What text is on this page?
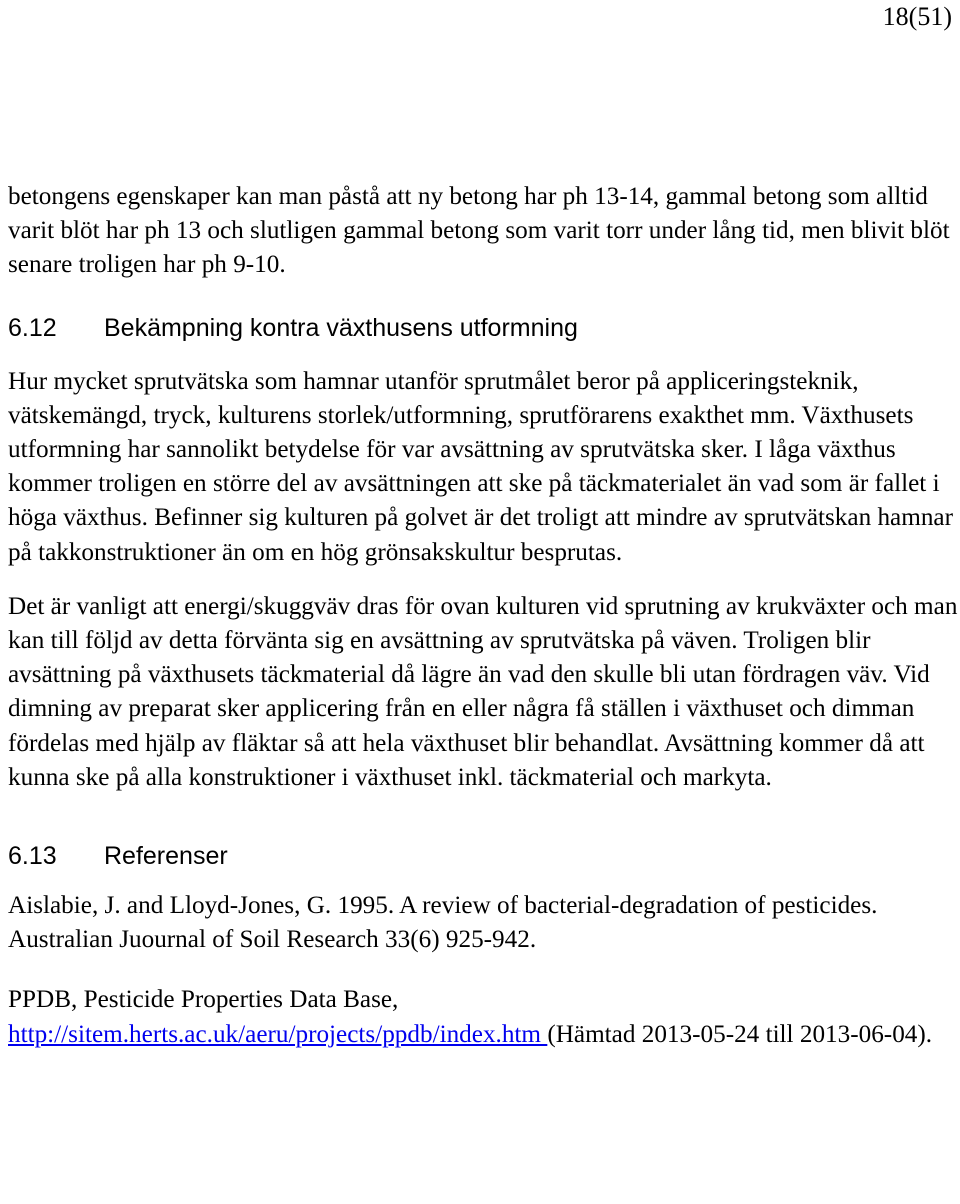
18(51)

betongens egenskaper kan man påstå att ny betong har ph 13-14, gammal betong som alltid varit blöt har ph 13 och slutligen gammal betong som varit torr under lång tid, men blivit blöt senare troligen har ph 9-10.

6.12 Bekämpning kontra växthusens utformning

Hur mycket sprutvätska som hamnar utanför sprutmålet beror på appliceringsteknik, vätskemängd, tryck, kulturens storlek/utformning, sprutförarens exakthet mm. Växthusets utformning har sannolikt betydelse för var avsättning av sprutvätska sker. I låga växthus kommer troligen en större del av avsättningen att ske på täckmaterialet än vad som är fallet i höga växthus. Befinner sig kulturen på golvet är det troligt att mindre av sprutvätskan hamnar på takkonstruktioner än om en hög grönsakskultur besprutas.

Det är vanligt att energi/skuggväv dras för ovan kulturen vid sprutning av krukväxter och man kan till följd av detta förvänta sig en avsättning av sprutvätska på väven. Troligen blir avsättning på växthusets täckmaterial då lägre än vad den skulle bli utan fördragen väv. Vid dimning av preparat sker applicering från en eller några få ställen i växthuset och dimman fördelas med hjälp av fläktar så att hela växthuset blir behandlat. Avsättning kommer då att kunna ske på alla konstruktioner i växthuset inkl. täckmaterial och markyta.

6.13 Referenser

Aislabie, J. and Lloyd-Jones, G. 1995. A review of bacterial-degradation of pesticides. Australian Juournal of Soil Research 33(6) 925-942.

PPDB, Pesticide Properties Data Base,
http://sitem.herts.ac.uk/aeru/projects/ppdb/index.htm (Hämtad 2013-05-24 till 2013-06-04).
